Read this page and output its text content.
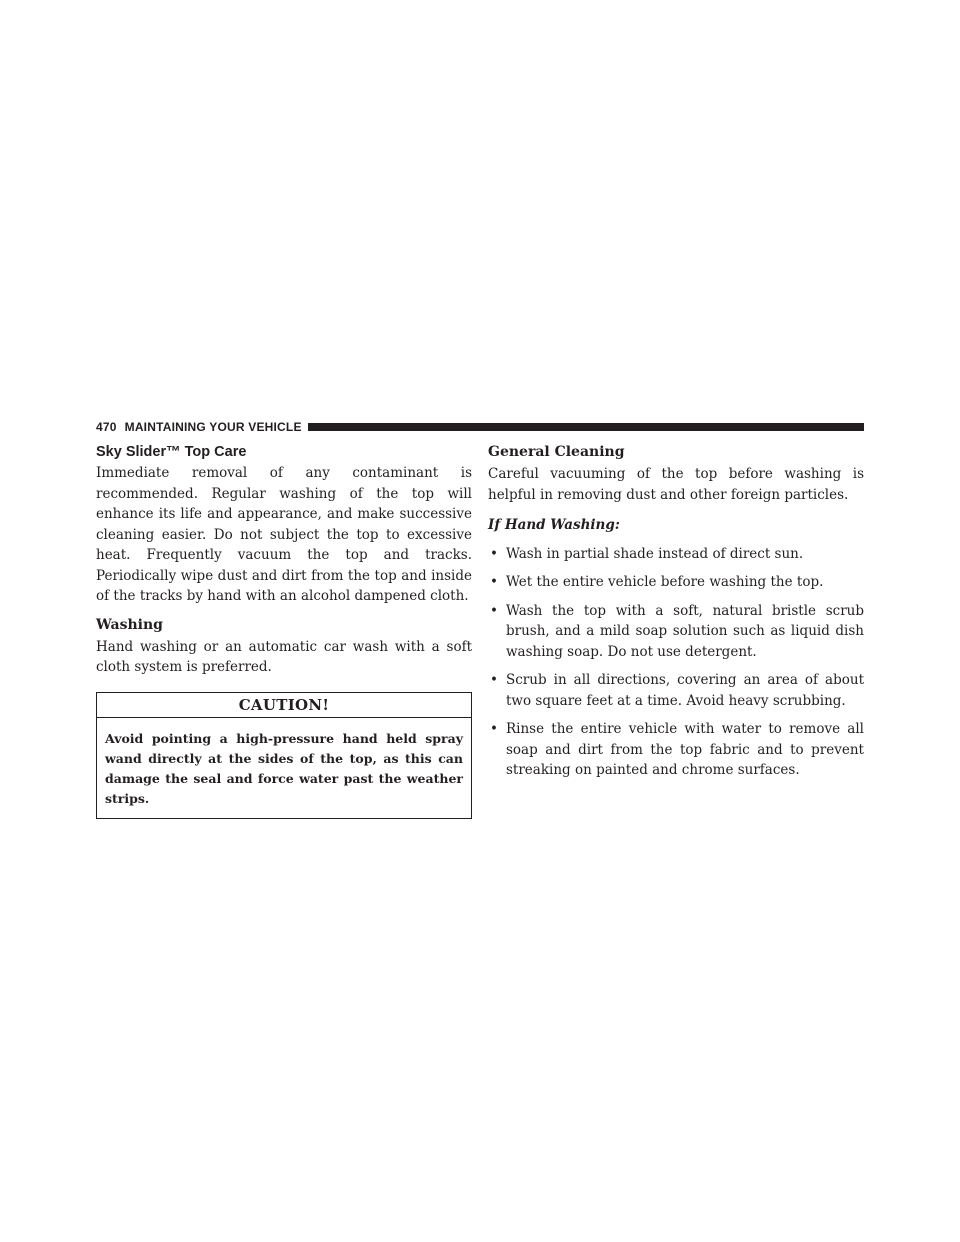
470 MAINTAINING YOUR VEHICLE
Sky Slider™ Top Care

Immediate removal of any contaminant is recommended. Regular washing of the top will enhance its life and appearance, and make successive cleaning easier. Do not subject the top to excessive heat. Frequently vacuum the top and tracks. Periodically wipe dust and dirt from the top and inside of the tracks by hand with an alcohol dampened cloth.

Washing

Hand washing or an automatic car wash with a soft cloth system is preferred.

CAUTION!
Avoid pointing a high-pressure hand held spray wand directly at the sides of the top, as this can damage the seal and force water past the weather strips.
General Cleaning

Careful vacuuming of the top before washing is helpful in removing dust and other foreign particles.

If Hand Washing:

• Wash in partial shade instead of direct sun.
• Wet the entire vehicle before washing the top.
• Wash the top with a soft, natural bristle scrub brush, and a mild soap solution such as liquid dish washing soap. Do not use detergent.
• Scrub in all directions, covering an area of about two square feet at a time. Avoid heavy scrubbing.
• Rinse the entire vehicle with water to remove all soap and dirt from the top fabric and to prevent streaking on painted and chrome surfaces.
